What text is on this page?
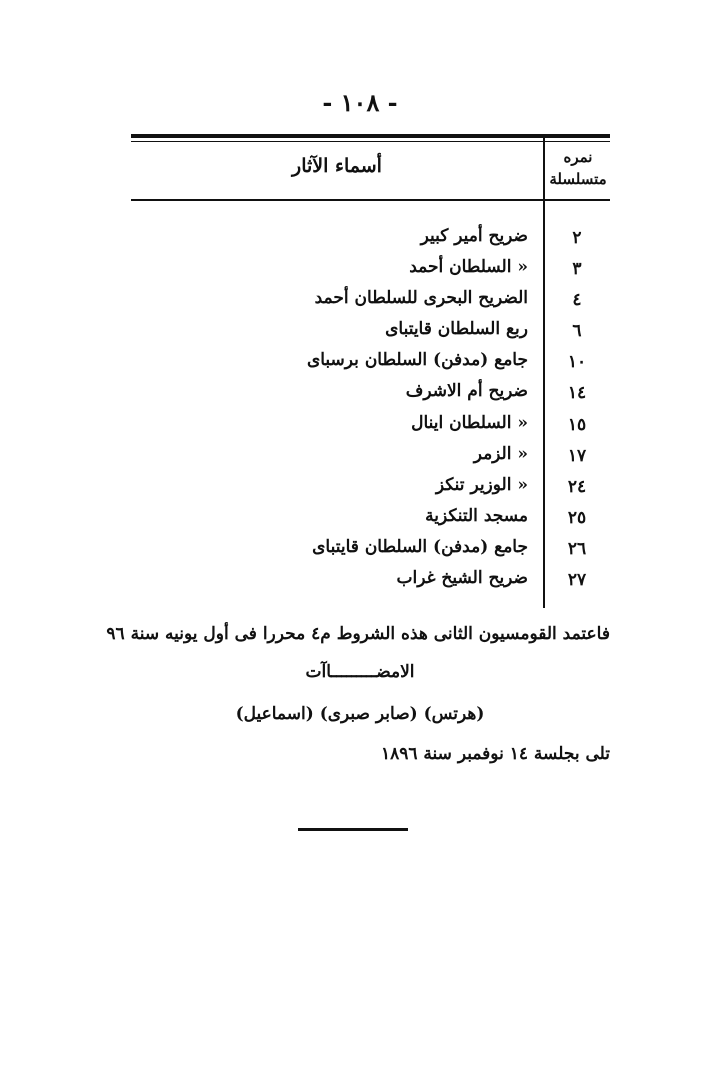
- ١٠٨ -
أسماء الآثار	نمره
متسلسلة
٢
ضريح أمير كبير
٣
« السلطان أحمد
٤
الضريح البحرى للسلطان أحمد
٦
ربع السلطان قايتباى
١٠
جامع (مدفن) السلطان برسباى
١٤
ضريح أم الاشرف
١٥
« السلطان اينال
١٧
« الزمر
٢٤
« الوزير تنكز
٢٥
مسجد التنكزية
٢٦
جامع (مدفن) السلطان قايتباى
٢٧
ضريح الشيخ غراب
فاعتمد القومسيون الثانى هذه الشروط م٤ محررا فى أول يونيه سنة ٩٦
الامضـــــــــاآت
(هرتس) (صابر صبرى) (اسماعيل)
تلى بجلسة ١٤ نوفمبر سنة ١٨٩٦
